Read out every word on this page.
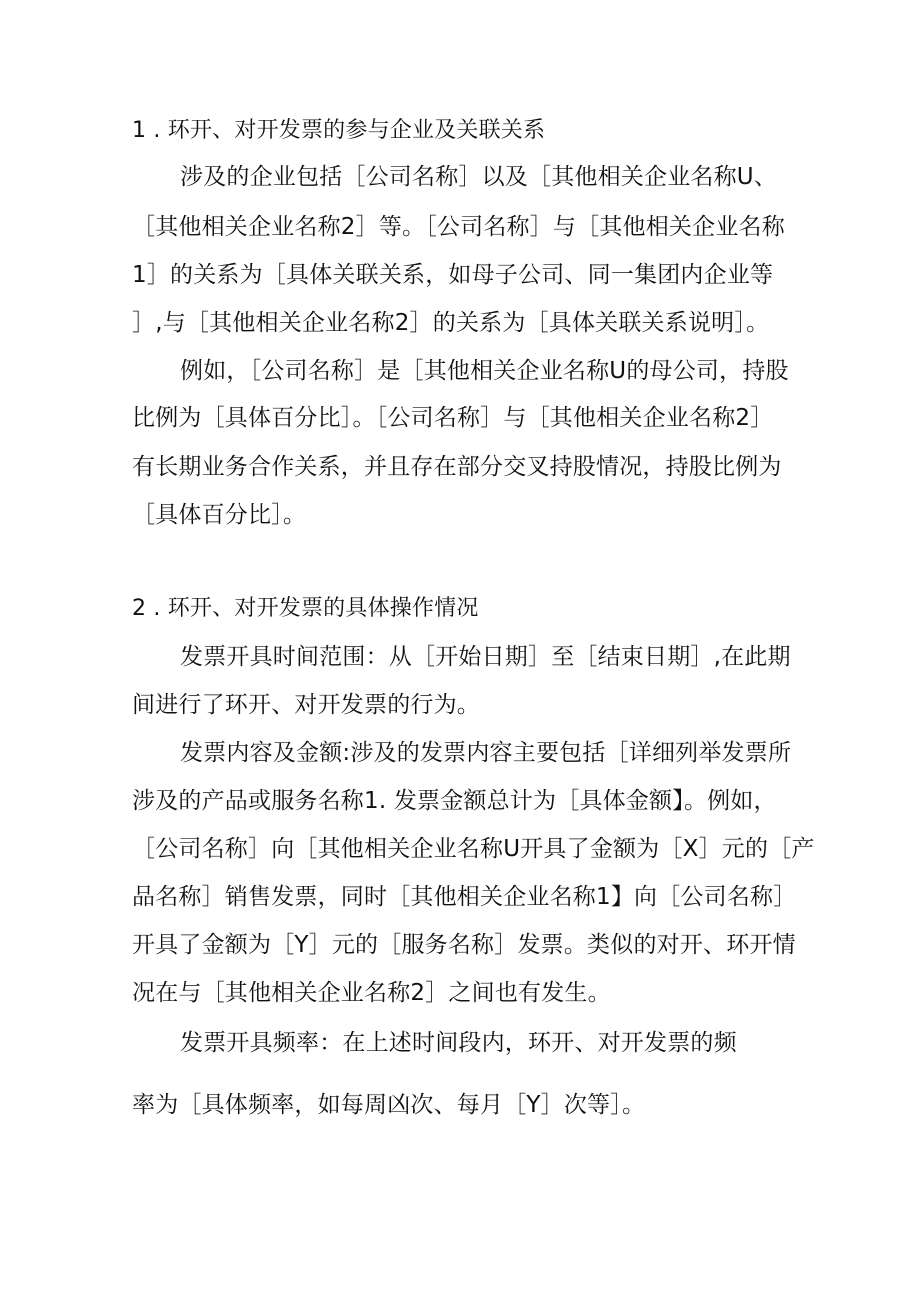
1 . 环开、对开发票的参与企业及关联关系
涉及的企业包括［公司名称］以及［其他相关企业名称U、
［其他相关企业名称2］等。［公司名称］与［其他相关企业名称
1］的关系为［具体关联关系，如母子公司、同一集团内企业等
］,与［其他相关企业名称2］的关系为［具体关联关系说明］。
例如，［公司名称］是［其他相关企业名称U的母公司，持股
比例为［具体百分比］。［公司名称］与［其他相关企业名称2］
有长期业务合作关系，并且存在部分交叉持股情况，持股比例为
［具体百分比］。
2 . 环开、对开发票的具体操作情况
发票开具时间范围：从［开始日期］至［结束日期］,在此期
间进行了环开、对开发票的行为。
发票内容及金额:涉及的发票内容主要包括［详细列举发票所
涉及的产品或服务名称1. 发票金额总计为［具体金额】。例如，
［公司名称］向［其他相关企业名称U开具了金额为［X］元的［产
品名称］销售发票，同时［其他相关企业名称1】向［公司名称］
开具了金额为［Y］元的［服务名称］发票。类似的对开、环开情
况在与［其他相关企业名称2］之间也有发生。
发票开具频率：在上述时间段内，环开、对开发票的频
率为［具体频率，如每周凶次、每月［Y］次等］。
